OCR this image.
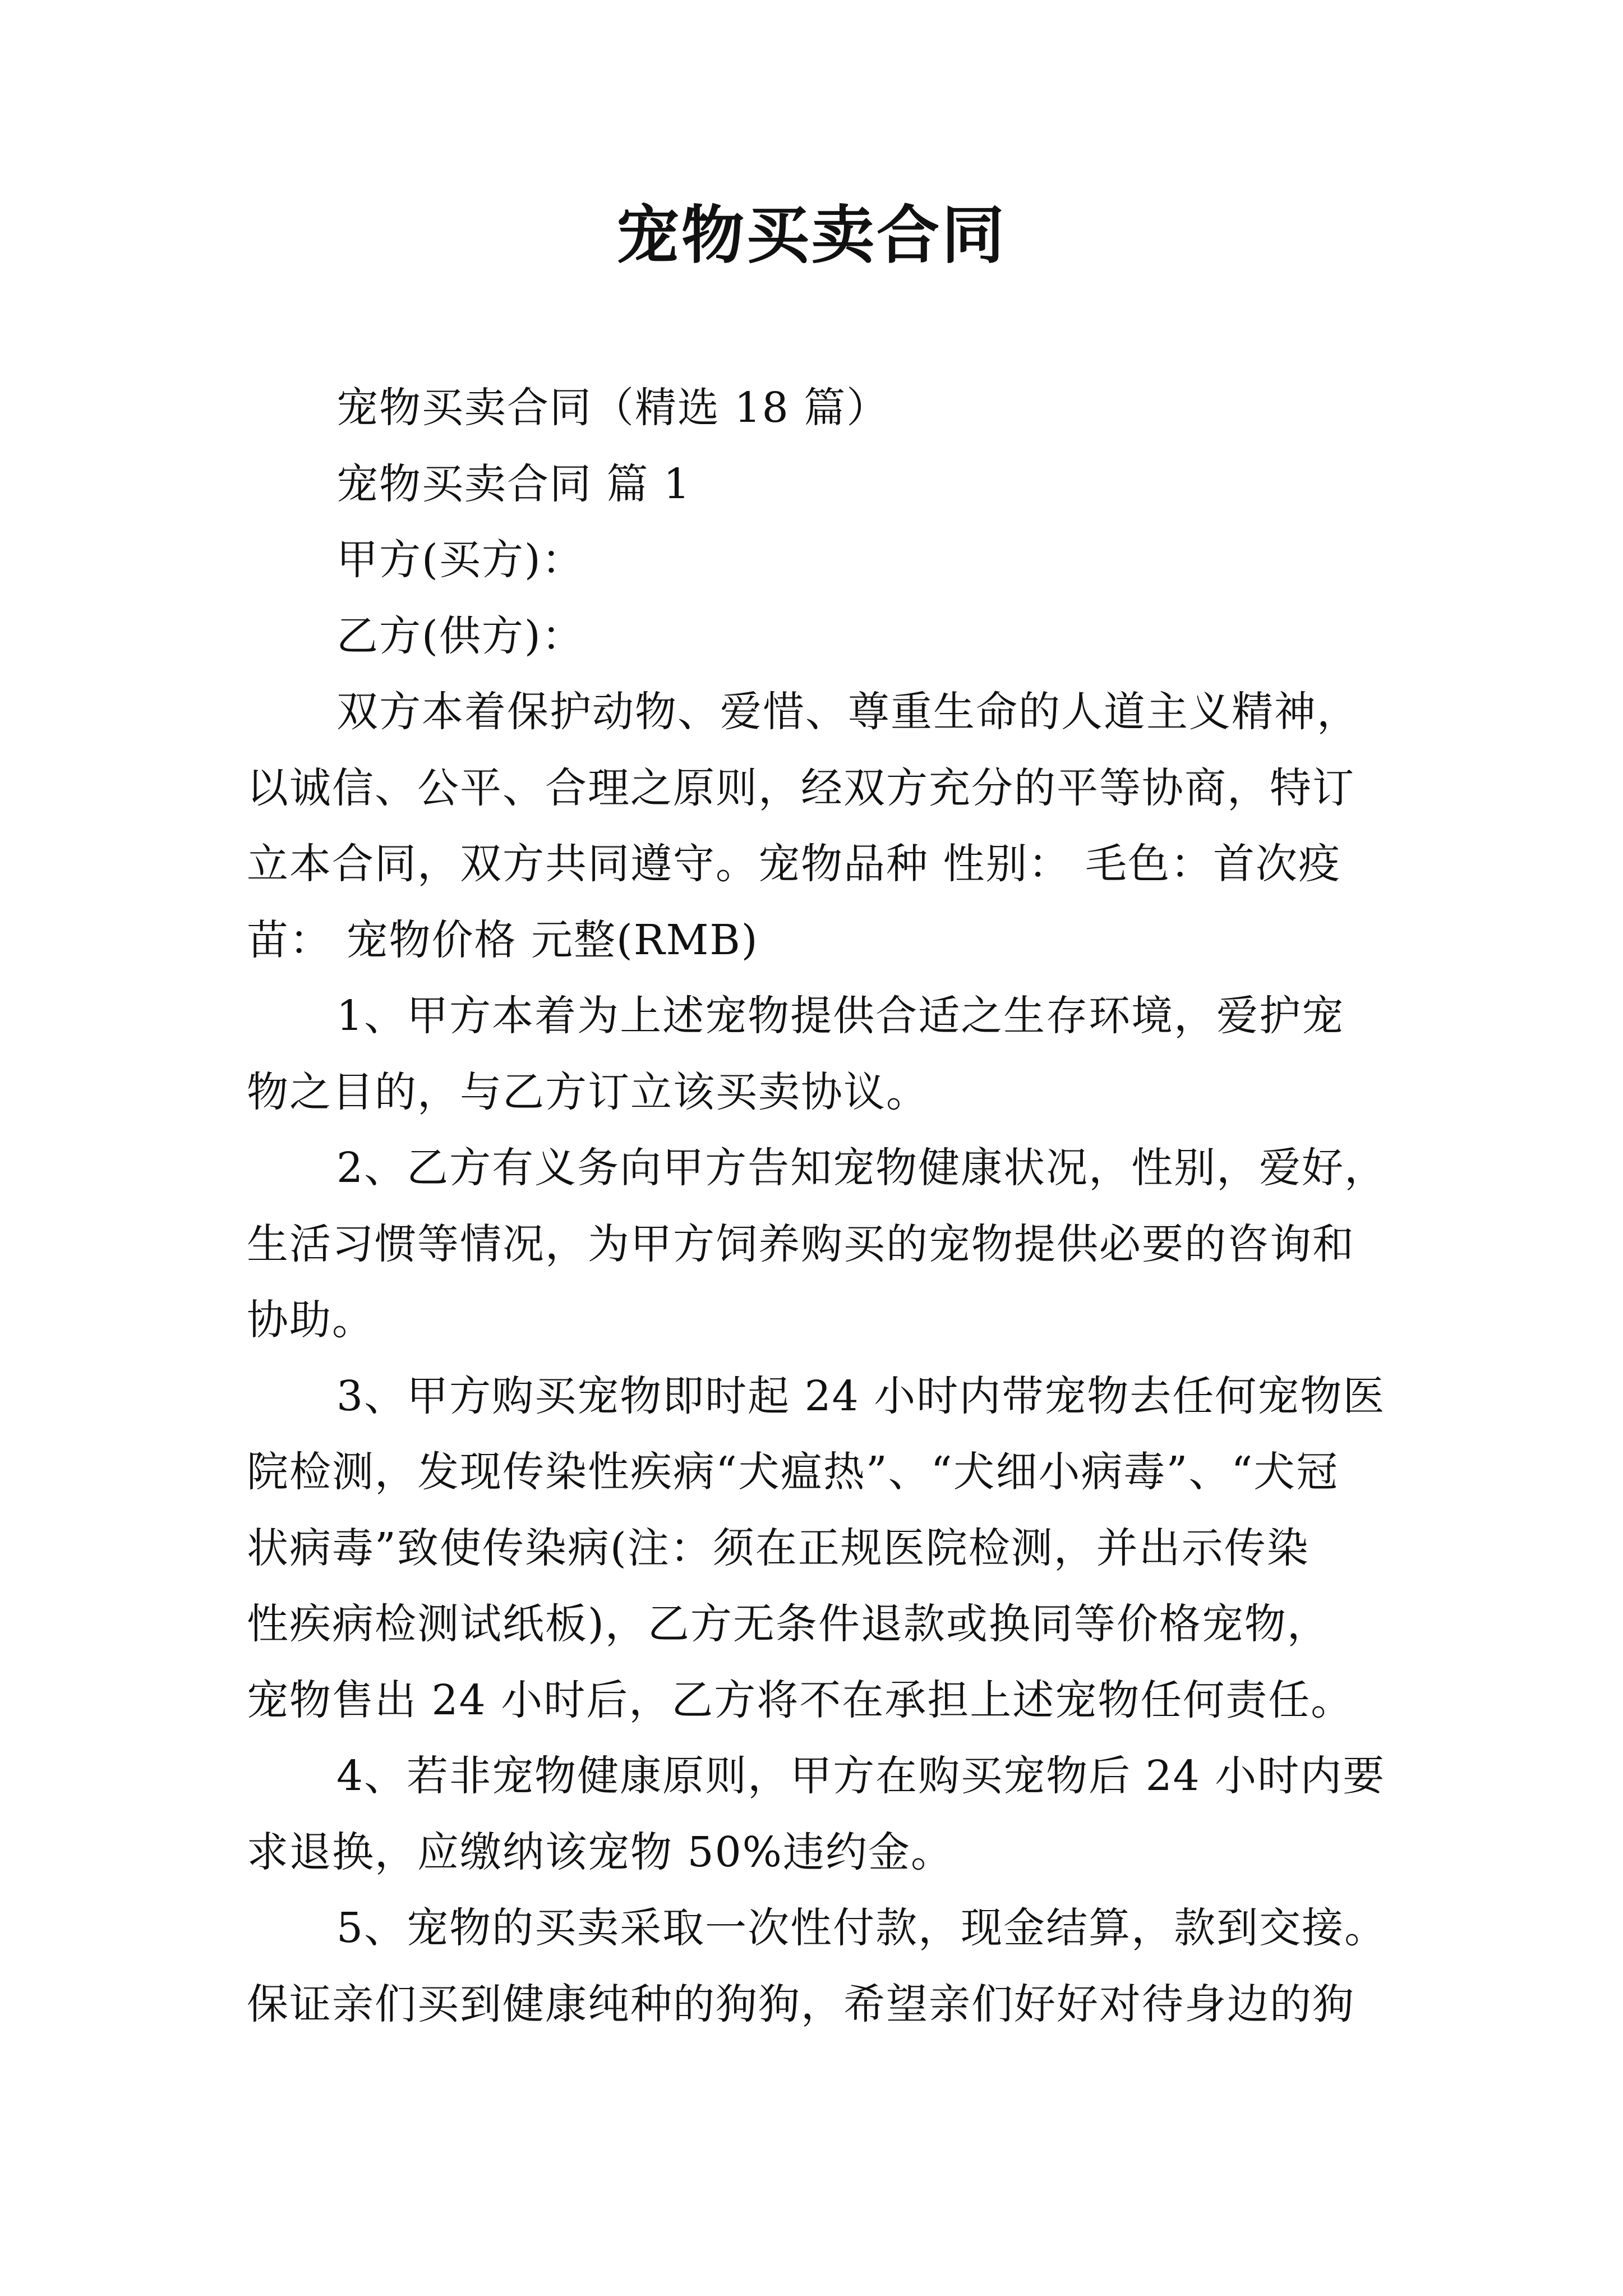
宠物买卖合同
宠物买卖合同（精选 18 篇）
宠物买卖合同 篇 1
甲方(买方)：
乙方(供方)：
双方本着保护动物、爱惜、尊重生命的人道主义精神，
以诚信、公平、合理之原则，经双方充分的平等协商，特订
立本合同，双方共同遵守。宠物品种 性别： 毛色：首次疫
苗： 宠物价格 元整(RMB)
1、甲方本着为上述宠物提供合适之生存环境，爱护宠
物之目的，与乙方订立该买卖协议。
2、乙方有义务向甲方告知宠物健康状况，性别，爱好，
生活习惯等情况，为甲方饲养购买的宠物提供必要的咨询和
协助。
3、甲方购买宠物即时起 24 小时内带宠物去任何宠物医
院检测，发现传染性疾病“犬瘟热”、“犬细小病毒”、“犬冠
状病毒”致使传染病(注：须在正规医院检测，并出示传染
性疾病检测试纸板)，乙方无条件退款或换同等价格宠物，
宠物售出 24 小时后，乙方将不在承担上述宠物任何责任。
4、若非宠物健康原则，甲方在购买宠物后 24 小时内要
求退换，应缴纳该宠物 50%违约金。
5、宠物的买卖采取一次性付款，现金结算，款到交接。
保证亲们买到健康纯种的狗狗，希望亲们好好对待身边的狗
